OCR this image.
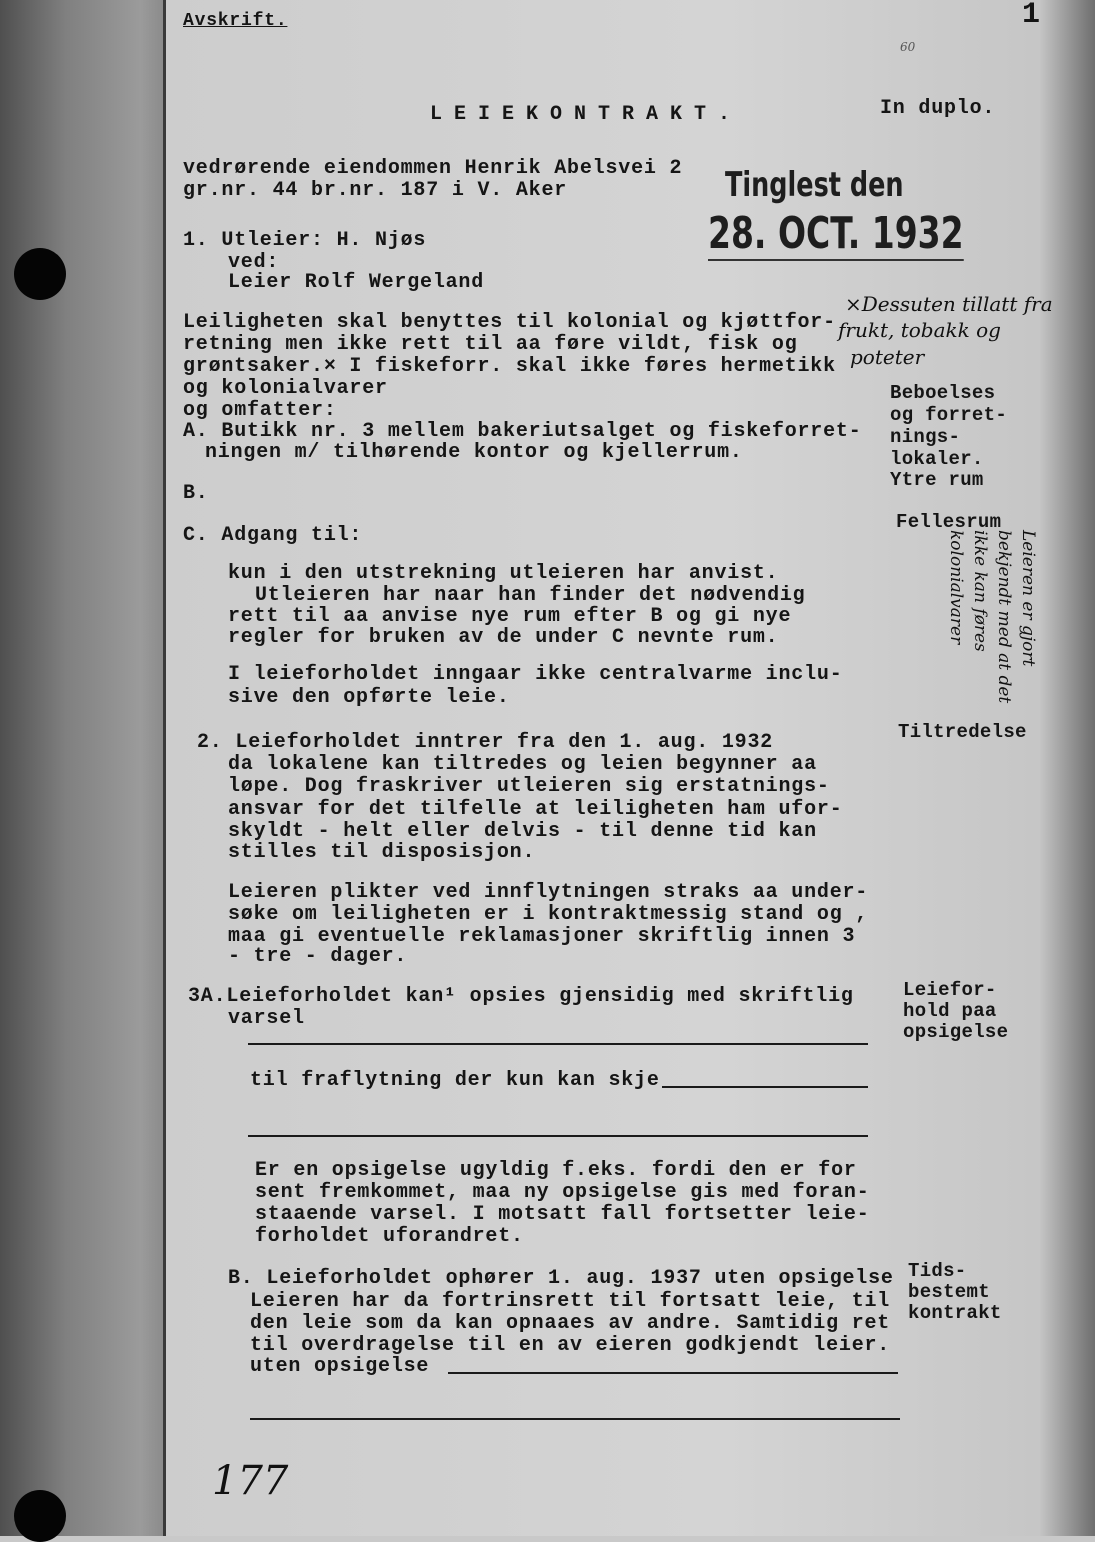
Avskrift.	1
60
LEIEKONTRAKT.	In duplo.
Tinglest den
28. OCT. 1932
vedrørende eiendommen Henrik Abelsvei 2
gr.nr. 44 br.nr. 187 i V. Aker
1. Utleier: H. Njøs
ved:
Leier Rolf Wergeland
Leiligheten skal benyttes til kolonial og kjøttfor-
retning men ikke rett til aa føre vildt, fisk og
grøntsaker.× I fiskeforr. skal ikke føres hermetikk
og kolonialvarer
og omfatter:
A. Butikk nr. 3 mellem bakeriutsalget og fiskeforret-
ningen m/ tilhørende kontor og kjellerrum.
B.
C. Adgang til:
kun i den utstrekning utleieren har anvist.
Utleieren har naar han finder det nødvendig
rett til aa anvise nye rum efter B og gi nye
regler for bruken av de under C nevnte rum.
I leieforholdet inngaar ikke centralvarme inclu-
sive den opførte leie.
2. Leieforholdet inntrer fra den 1. aug. 1932
da lokalene kan tiltredes og leien begynner aa
løpe. Dog fraskriver utleieren sig erstatnings-
ansvar for det tilfelle at leiligheten ham ufor-
skyldt - helt eller delvis - til denne tid kan
stilles til disposisjon.
Leieren plikter ved innflytningen straks aa under-
søke om leiligheten er i kontraktmessig stand og ,
maa gi eventuelle reklamasjoner skriftlig innen 3
- tre - dager.
3A.Leieforholdet kan¹ opsies gjensidig med skriftlig
varsel
til fraflytning der kun kan skje
Er en opsigelse ugyldig f.eks. fordi den er for
sent fremkommet, maa ny opsigelse gis med foran-
staaende varsel. I motsatt fall fortsetter leie-
forholdet uforandret.
B. Leieforholdet ophører 1. aug. 1937 uten opsigelse
Leieren har da fortrinsrett til fortsatt leie, til
den leie som da kan opnaaes av andre. Samtidig ret
til overdragelse til en av eieren godkjendt leier.
uten opsigelse
Beboelses
og forret-
nings-
lokaler.
Ytre rum
Fellesrum
Tiltredelse
Leiefor-
hold paa
opsigelse
Tids-
bestemt
kontrakt
×Dessuten tillatt fra
frukt, tobakk og
poteter
Leieren er gjort bekjendt med at det ikke kan føres kolonialvarer
177
